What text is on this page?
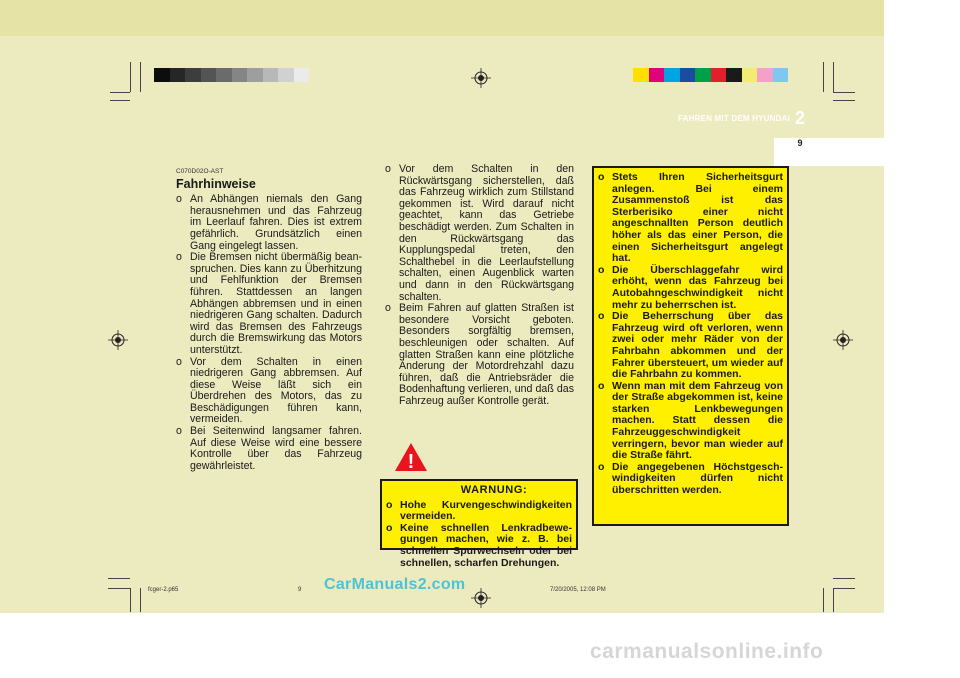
FAHREN MIT DEM HYUNDAI 2
9
C070D02O-AST
Fahrhinweise
o An Abhängen niemals den Gang herausnehmen und das Fahrzeug im Leerlauf fahren. Dies ist extrem gefährlich. Grundsätzlich einen Gang eingelegt lassen.
o Die Bremsen nicht übermäßig bean-spruchen. Dies kann zu Überhitzung und Fehlfunktion der Bremsen führen. Stattdessen an langen Abhängen abbremsen und in einen niedrigeren Gang schalten. Dadurch wird das Bremsen des Fahrzeugs durch die Bremswirkung das Motors unterstützt.
o Vor dem Schalten in einen niedrigeren Gang abbremsen. Auf diese Weise läßt sich ein Überdrehen des Motors, das zu Beschädigungen führen kann, vermeiden.
o Bei Seitenwind langsamer fahren. Auf diese Weise wird eine bessere Kontrolle über das Fahrzeug gewährleistet.
o Vor dem Schalten in den Rückwärtsgang sicherstellen, daß das Fahrzeug wirklich zum Stillstand gekommen ist. Wird darauf nicht geachtet, kann das Getriebe beschädigt werden. Zum Schalten in den Rückwärtsgang das Kupplungspedal treten, den Schalthebel in die Leerlaufstellung schalten, einen Augenblick warten und dann in den Rückwärtsgang schalten.
o Beim Fahren auf glatten Straßen ist besondere Vorsicht geboten. Besonders sorgfältig bremsen, beschleunigen oder schalten. Auf glatten Straßen kann eine plötzliche Änderung der Motordrehzahl dazu führen, daß die Antriebsräder die Bodenhaftung verlieren, und daß das Fahrzeug außer Kontrolle gerät.
WARNUNG:
o Hohe Kurvengeschwindigkeiten vermeiden.
o Keine schnellen Lenkradbewe-gungen machen, wie z. B. bei schnellen Spurwechseln oder bei schnellen, scharfen Drehungen.
!
o Stets Ihren Sicherheitsgurt anlegen. Bei einem Zusammenstoß ist das Sterberisiko einer nicht angeschnallten Person deutlich höher als das einer Person, die einen Sicherheitsgurt angelegt hat.
o Die Überschlaggefahr wird erhöht, wenn das Fahrzeug bei Autobahngeschwindigkeit nicht mehr zu beherrschen ist.
o Die Beherrschung über das Fahrzeug wird oft verloren, wenn zwei oder mehr Räder von der Fahrbahn abkommen und der Fahrer übersteuert, um wieder auf die Fahrbahn zu kommen.
o Wenn man mit dem Fahrzeug von der Straße abgekommen ist, keine starken Lenkbewegungen machen. Statt dessen die Fahrzeuggeschwindigkeit verringern, bevor man wieder auf die Straße fährt.
o Die angegebenen Höchstgesch-windigkeiten dürfen nicht überschritten werden.
fcger-2.p65	9	7/20/2005, 12:08 PM
CarManuals2.com
carmanualsonline.info
